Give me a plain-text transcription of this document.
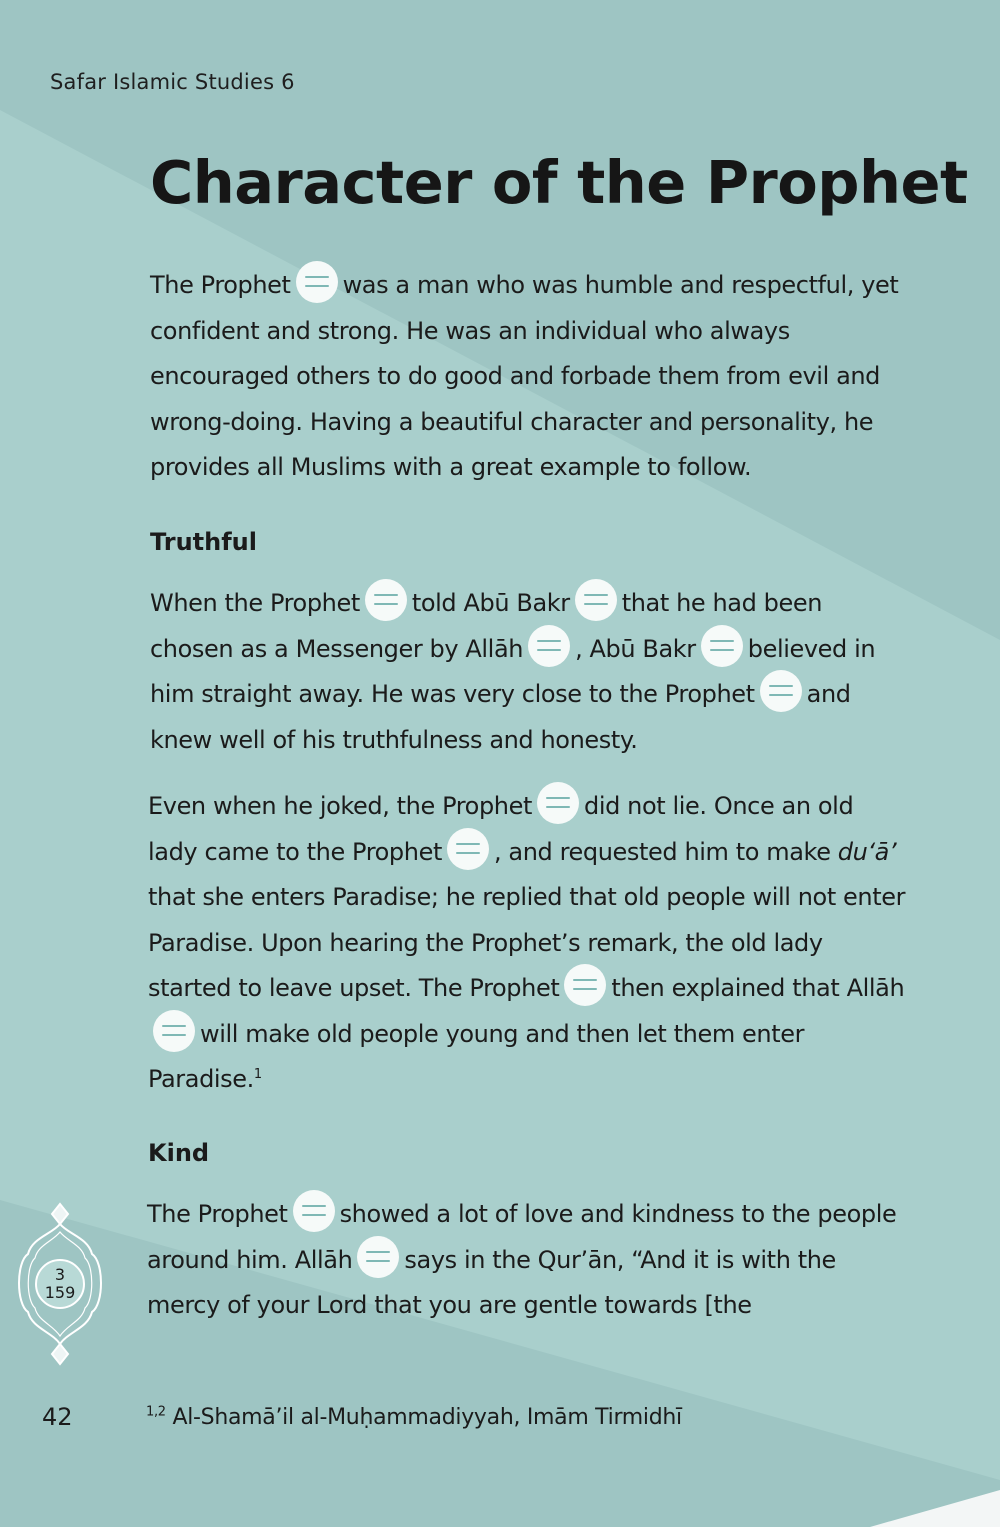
Safar Islamic Studies 6
Character of the Prophet

The Prophet was a man who was humble and respectful, yet confident and strong. He was an individual who always encouraged others to do good and forbade them from evil and wrong-doing. Having a beautiful character and personality, he provides all Muslims with a great example to follow.

Truthful

When the Prophet told Abū Bakr that he had been chosen as a Messenger by Allāh , Abū Bakr believed in him straight away. He was very close to the Prophet and knew well of his truthfulness and honesty.

Even when he joked, the Prophet did not lie. Once an old lady came to the Prophet , and requested him to make du‘ā’ that she enters Paradise; he replied that old people will not enter Paradise. Upon hearing the Prophet’s remark, the old lady started to leave upset. The Prophet then explained that Allāhwill make old people young and then let them enter Paradise.$^1$

Kind

The Prophet showed a lot of love and kindness to the people around him. Allāh says in the Qur’ān, “And it is with the mercy of your Lord that you are gentle towards [the

3
159
42	$^{1,2}$ Al-Shamā’il al-Muḥammadiyyah, Imām Tirmidhī
